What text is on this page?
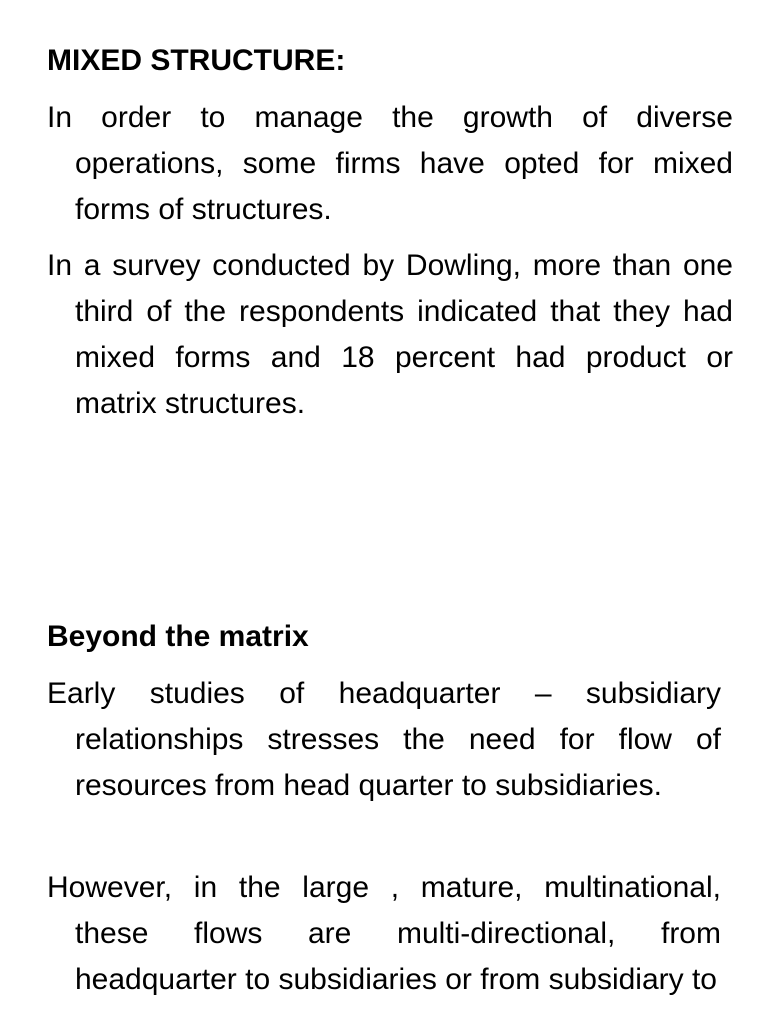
MIXED STRUCTURE:
In order to manage the growth of diverse operations, some firms have opted for mixed forms of structures.
In a survey conducted by Dowling, more than one third of the respondents indicated that they had mixed forms and 18 percent had product or matrix structures.
Beyond the matrix
Early studies of headquarter – subsidiary relationships stresses the need for flow of resources from head quarter to subsidiaries.
However, in the large , mature, multinational, these flows are multi-directional, from headquarter to subsidiaries or from subsidiary to
